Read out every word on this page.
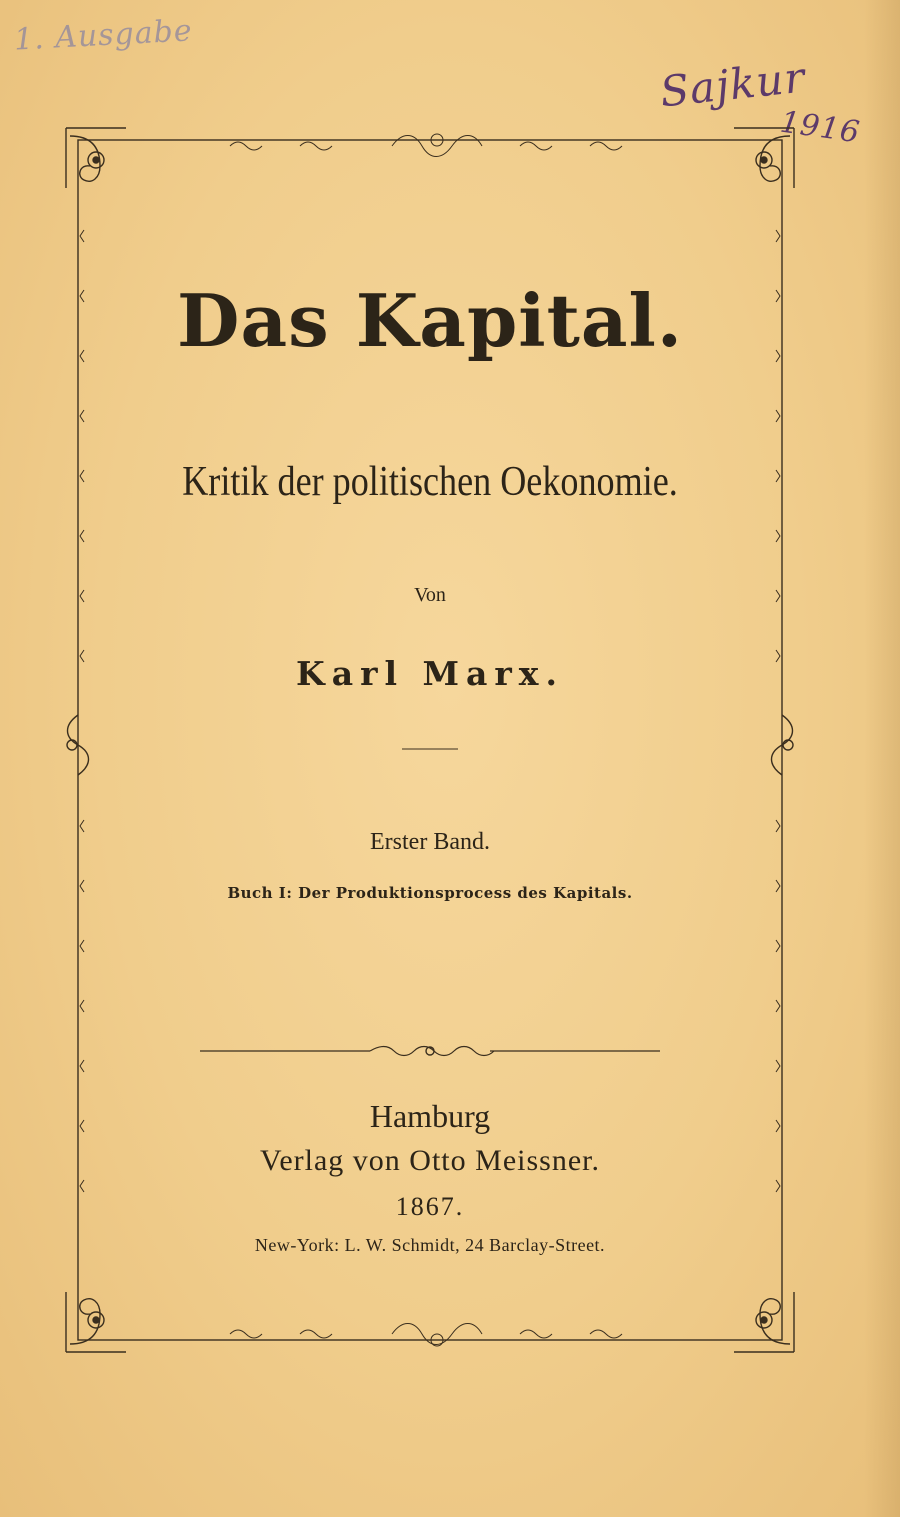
1. Ausgabe
Sajkur
1916
Das Kapital.
Kritik der politischen Oekonomie.
Von
Karl Marx.
Erster Band.
Buch I: Der Produktionsprocess des Kapitals.
Hamburg
Verlag von Otto Meissner.
1867.
New-York: L. W. Schmidt, 24 Barclay-Street.
